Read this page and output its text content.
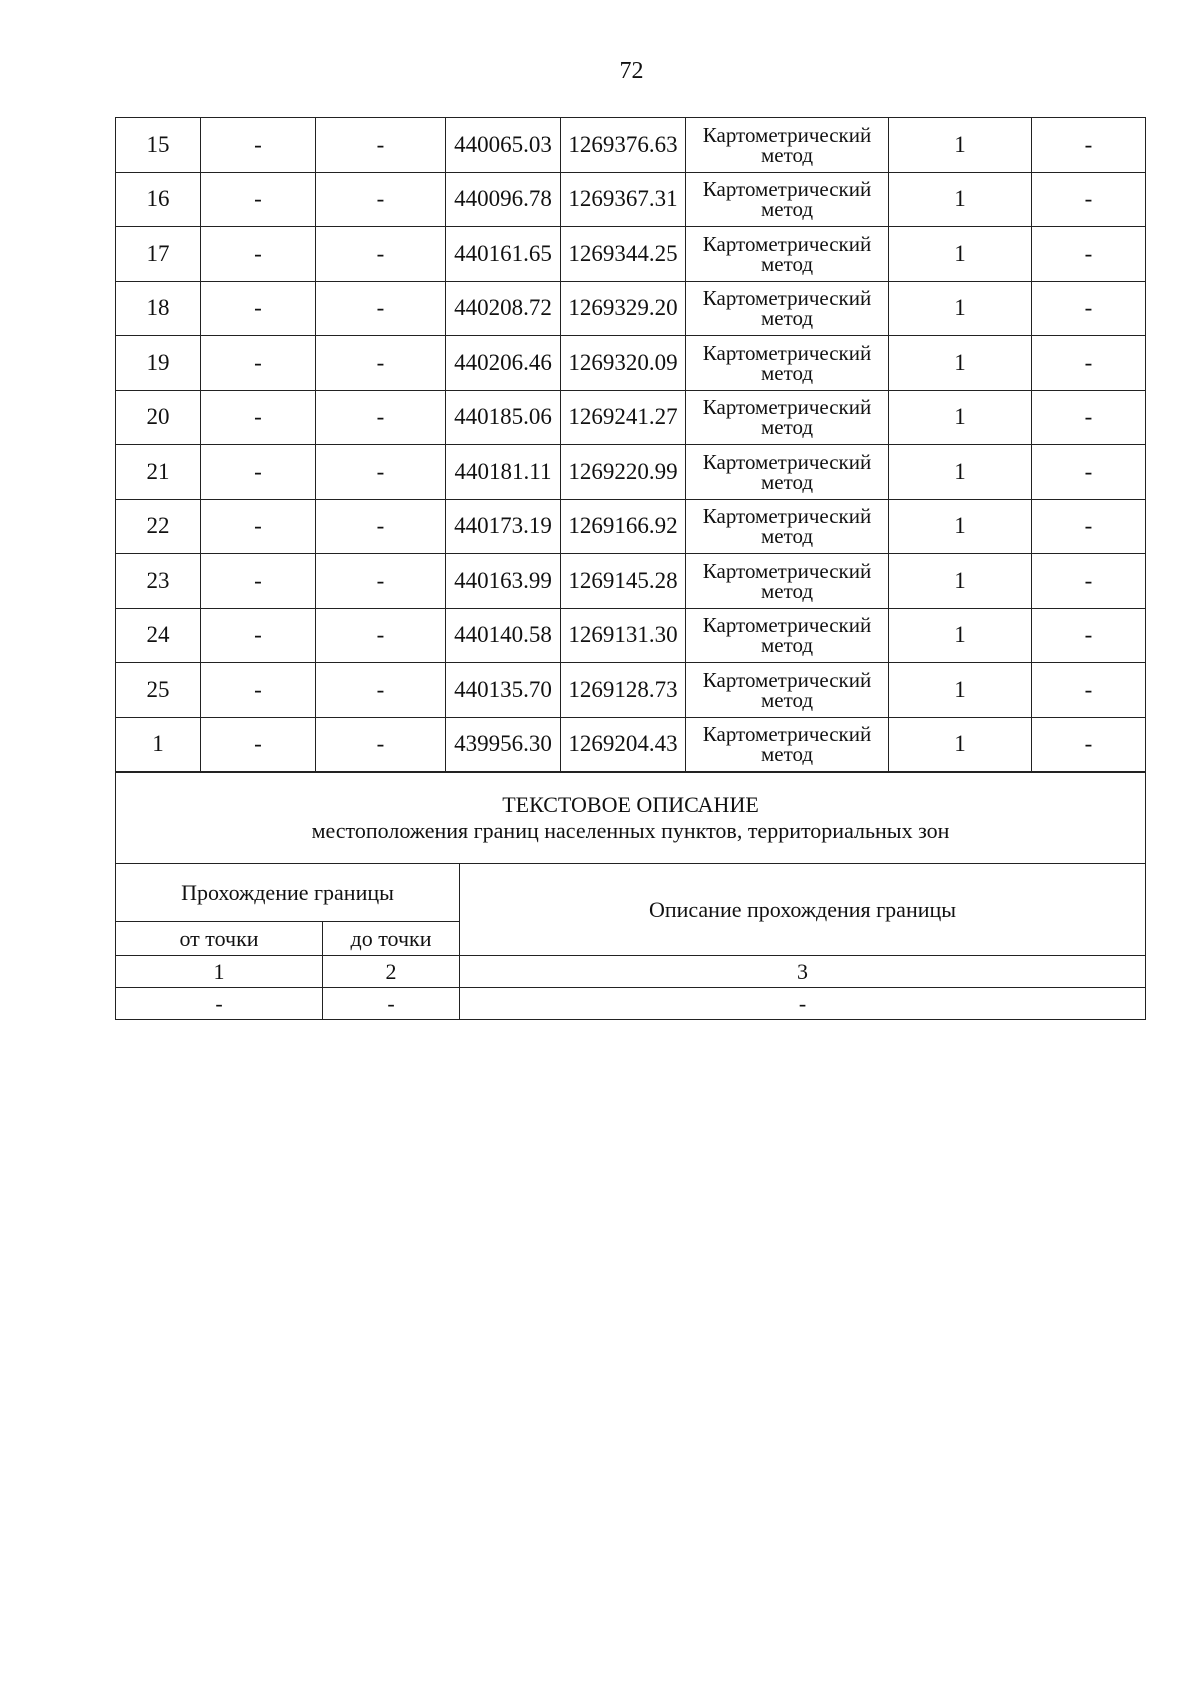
72
15	-	-	440065.03	1269376.63	Картометрический метод	1	-
16	-	-	440096.78	1269367.31	Картометрический метод	1	-
17	-	-	440161.65	1269344.25	Картометрический метод	1	-
18	-	-	440208.72	1269329.20	Картометрический метод	1	-
19	-	-	440206.46	1269320.09	Картометрический метод	1	-
20	-	-	440185.06	1269241.27	Картометрический метод	1	-
21	-	-	440181.11	1269220.99	Картометрический метод	1	-
22	-	-	440173.19	1269166.92	Картометрический метод	1	-
23	-	-	440163.99	1269145.28	Картометрический метод	1	-
24	-	-	440140.58	1269131.30	Картометрический метод	1	-
25	-	-	440135.70	1269128.73	Картометрический метод	1	-
1	-	-	439956.30	1269204.43	Картометрический метод	1	-
ТЕКСТОВОЕ ОПИСАНИЕ
местоположения границ населенных пунктов, территориальных зон		

Прохождение границы		Описание прохождения границы
от точки	до точки	
1	2	3
-	-	-
